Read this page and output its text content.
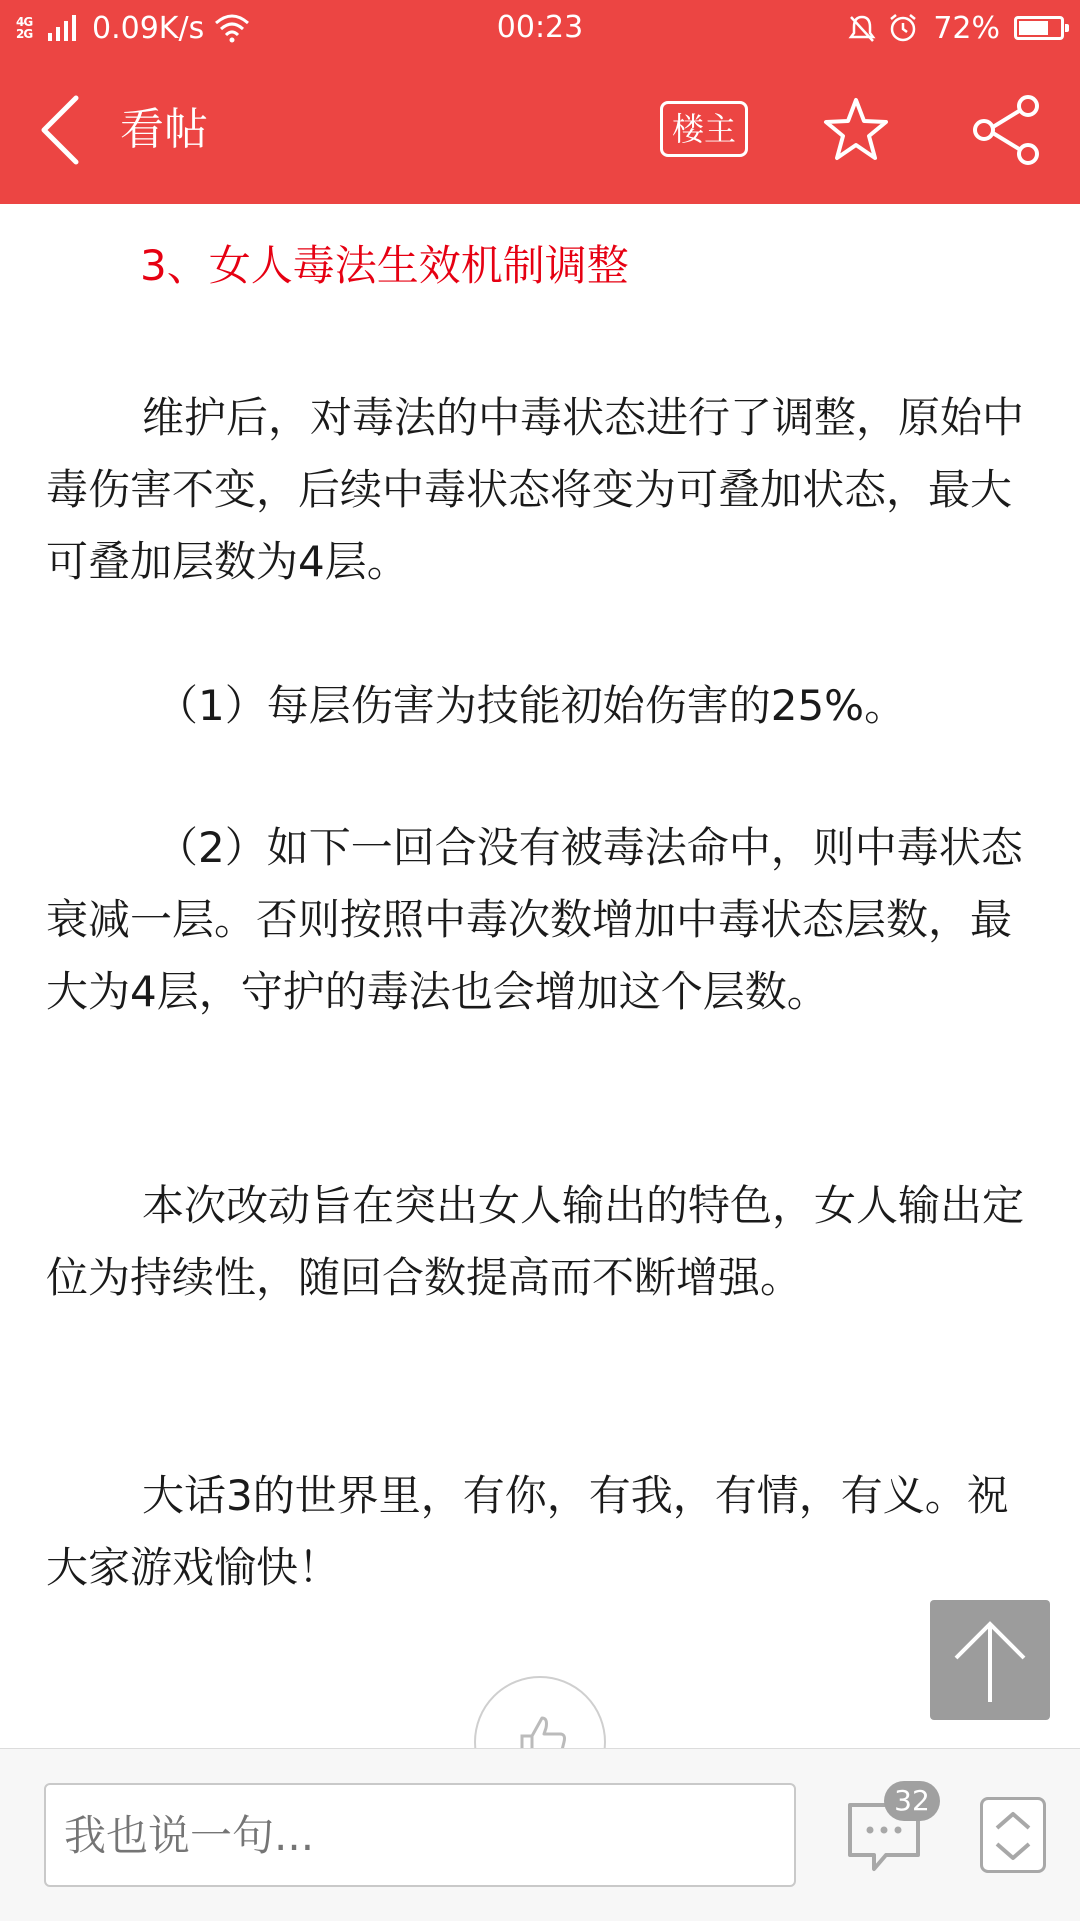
4G
2G	0.09K/s	00:23	72%
看帖	楼主
3、女人毒法生效机制调整
维护后，对毒法的中毒状态进行了调整，原始中毒伤害不变，后续中毒状态将变为可叠加状态，最大可叠加层数为4层。
（1）每层伤害为技能初始伤害的25%。
（2）如下一回合没有被毒法命中，则中毒状态衰减一层。否则按照中毒次数增加中毒状态层数，最大为4层，守护的毒法也会增加这个层数。
本次改动旨在突出女人输出的特色，女人输出定位为持续性，随回合数提高而不断增强。
大话3的世界里，有你，有我，有情，有义。祝大家游戏愉快！
我也说一句...
32
